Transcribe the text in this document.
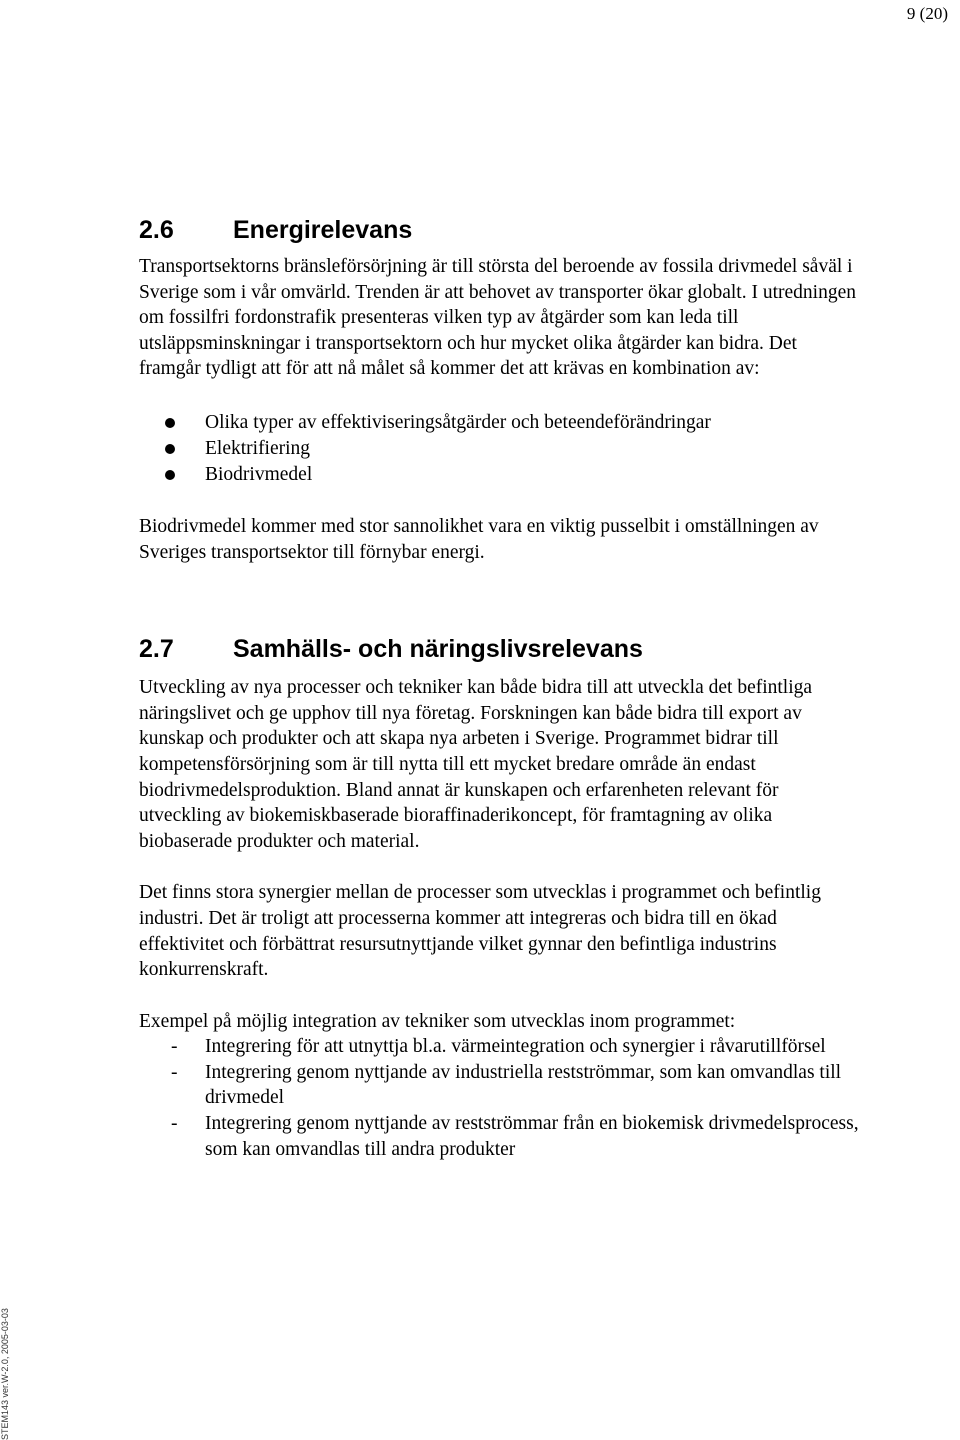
9 (20)
2.6	Energirelevans

Transportsektorns bränsleförsörjning är till största del beroende av fossila drivmedel såväl i Sverige som i vår omvärld. Trenden är att behovet av transporter ökar globalt. I utredningen om fossilfri fordonstrafik presenteras vilken typ av åtgärder som kan leda till utsläppsminskningar i transportsektorn och hur mycket olika åtgärder kan bidra. Det framgår tydligt att för att nå målet så kommer det att krävas en kombination av:

Olika typer av effektiviseringsåtgärder och beteendeförändringar
Elektrifiering
Biodrivmedel

Biodrivmedel kommer med stor sannolikhet vara en viktig pusselbit i omställningen av Sveriges transportsektor till förnybar energi.

2.7	Samhälls- och näringslivsrelevans

Utveckling av nya processer och tekniker kan både bidra till att utveckla det befintliga näringslivet och ge upphov till nya företag. Forskningen kan både bidra till export av kunskap och produkter och att skapa nya arbeten i Sverige. Programmet bidrar till kompetensförsörjning som är till nytta till ett mycket bredare område än endast biodrivmedelsproduktion. Bland annat är kunskapen och erfarenheten relevant för utveckling av biokemiskbaserade bioraffinaderikoncept, för framtagning av olika biobaserade produkter och material.

Det finns stora synergier mellan de processer som utvecklas i programmet och befintlig industri. Det är troligt att processerna kommer att integreras och bidra till en ökad effektivitet och förbättrat resursutnyttjande vilket gynnar den befintliga industrins konkurrenskraft.

Exempel på möjlig integration av tekniker som utvecklas inom programmet:

- Integrering för att utnyttja bl.a. värmeintegration och synergier i råvarutillförsel
- Integrering genom nyttjande av industriella restströmmar, som kan omvandlas till drivmedel
- Integrering genom nyttjande av restströmmar från en biokemisk drivmedelsprocess, som kan omvandlas till andra produkter
STEM143 ver.W-2.0, 2005-03-03
